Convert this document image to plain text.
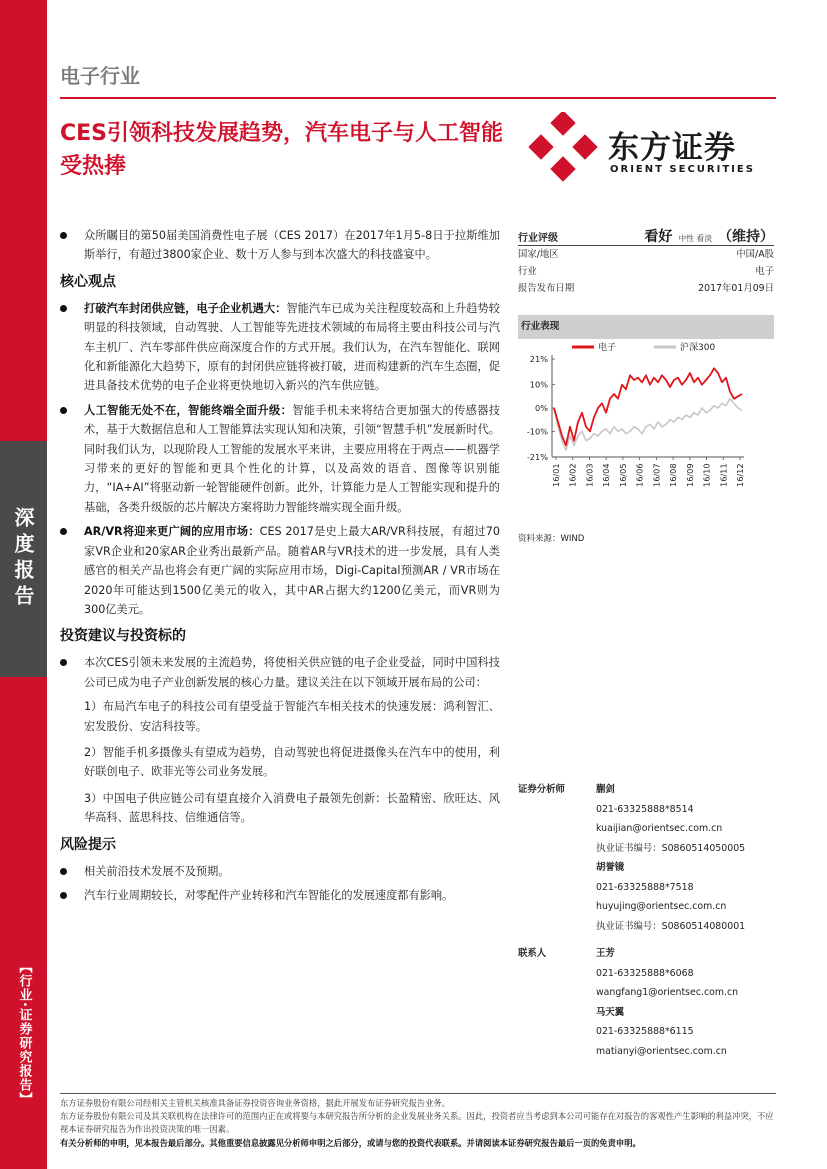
深度报告
【行业·证券研究报告】
电子行业
CES引领科技发展趋势，汽车电子与人工智能受热捧
东方证券
ORIENT SECURITIES
众所瞩目的第50届美国消费性电子展（CES 2017）在2017年1月5-8日于拉斯维加斯举行，有超过3800家企业、数十万人参与到本次盛大的科技盛宴中。
核心观点
打破汽车封闭供应链，电子企业机遇大：智能汽车已成为关注程度较高和上升趋势较明显的科技领域，自动驾驶、人工智能等先进技术领域的布局将主要由科技公司与汽车主机厂、汽车零部件供应商深度合作的方式开展。我们认为，在汽车智能化、联网化和新能源化大趋势下，原有的封闭供应链将被打破，进而构建新的汽车生态圈，促进具备技术优势的电子企业将更快地切入新兴的汽车供应链。
人工智能无处不在，智能终端全面升级：智能手机未来将结合更加强大的传感器技术，基于大数据信息和人工智能算法实现认知和决策，引领“智慧手机”发展新时代。同时我们认为，以现阶段人工智能的发展水平来讲，主要应用将在于两点——机器学习带来的更好的智能和更具个性化的计算，以及高效的语音、图像等识别能力，“IA+AI”将驱动新一轮智能硬件创新。此外，计算能力是人工智能实现和提升的基础，各类升级版的芯片解决方案将助力智能终端实现全面升级。
AR/VR将迎来更广阔的应用市场：CES 2017是史上最大AR/VR科技展，有超过70家VR企业和20家AR企业秀出最新产品。随着AR与VR技术的进一步发展，具有人类感官的相关产品也将会有更广阔的实际应用市场，Digi-Capital预测AR / VR市场在2020年可能达到1500亿美元的收入，其中AR占据大约1200亿美元，而VR则为300亿美元。
投资建议与投资标的
本次CES引领未来发展的主流趋势，将使相关供应链的电子企业受益，同时中国科技公司已成为电子产业创新发展的核心力量。建议关注在以下领域开展布局的公司：
1）布局汽车电子的科技公司有望受益于智能汽车相关技术的快速发展：鸿利智汇、宏发股份、安洁科技等。
2）智能手机多摄像头有望成为趋势，自动驾驶也将促进摄像头在汽车中的使用，利好联创电子、欧菲光等公司业务发展。
3）中国电子供应链公司有望直接介入消费电子最领先创新：长盈精密、欣旺达、风华高科、蓝思科技、信维通信等。
风险提示
相关前沿技术发展不及预期。
汽车行业周期较长，对零配件产业转移和汽车智能化的发展速度都有影响。
行业评级	看好 中性 看淡 （维持）
国家/地区	中国/A股
行业	电子
报告发布日期	2017年01月09日
行业表现
电子	沪深300
21%
10%
0%
-10%
-21%
16/01 16/02 16/03 16/04 16/05 16/06 16/07 16/08 16/09 16/10 16/11 16/12
资料来源：WIND
证券分析师	蒯剑
021-63325888*8514
kuaijian@orientsec.com.cn
执业证书编号：S0860514050005
胡誉镜
021-63325888*7518
huyujing@orientsec.com.cn
执业证书编号：S0860514080001
联系人	王芳
021-63325888*6068
wangfang1@orientsec.com.cn
马天翼
021-63325888*6115
matianyi@orientsec.com.cn
东方证券股份有限公司经相关主管机关核准具备证券投资咨询业务资格，据此开展发布证券研究报告业务。
东方证券股份有限公司及其关联机构在法律许可的范围内正在或将要与本研究报告所分析的企业发展业务关系。因此，投资者应当考虑到本公司可能存在对报告的客观性产生影响的利益冲突，不应视本证券研究报告为作出投资决策的唯一因素。
有关分析师的申明，见本报告最后部分。其他重要信息披露见分析师申明之后部分，或请与您的投资代表联系。并请阅读本证券研究报告最后一页的免责申明。
